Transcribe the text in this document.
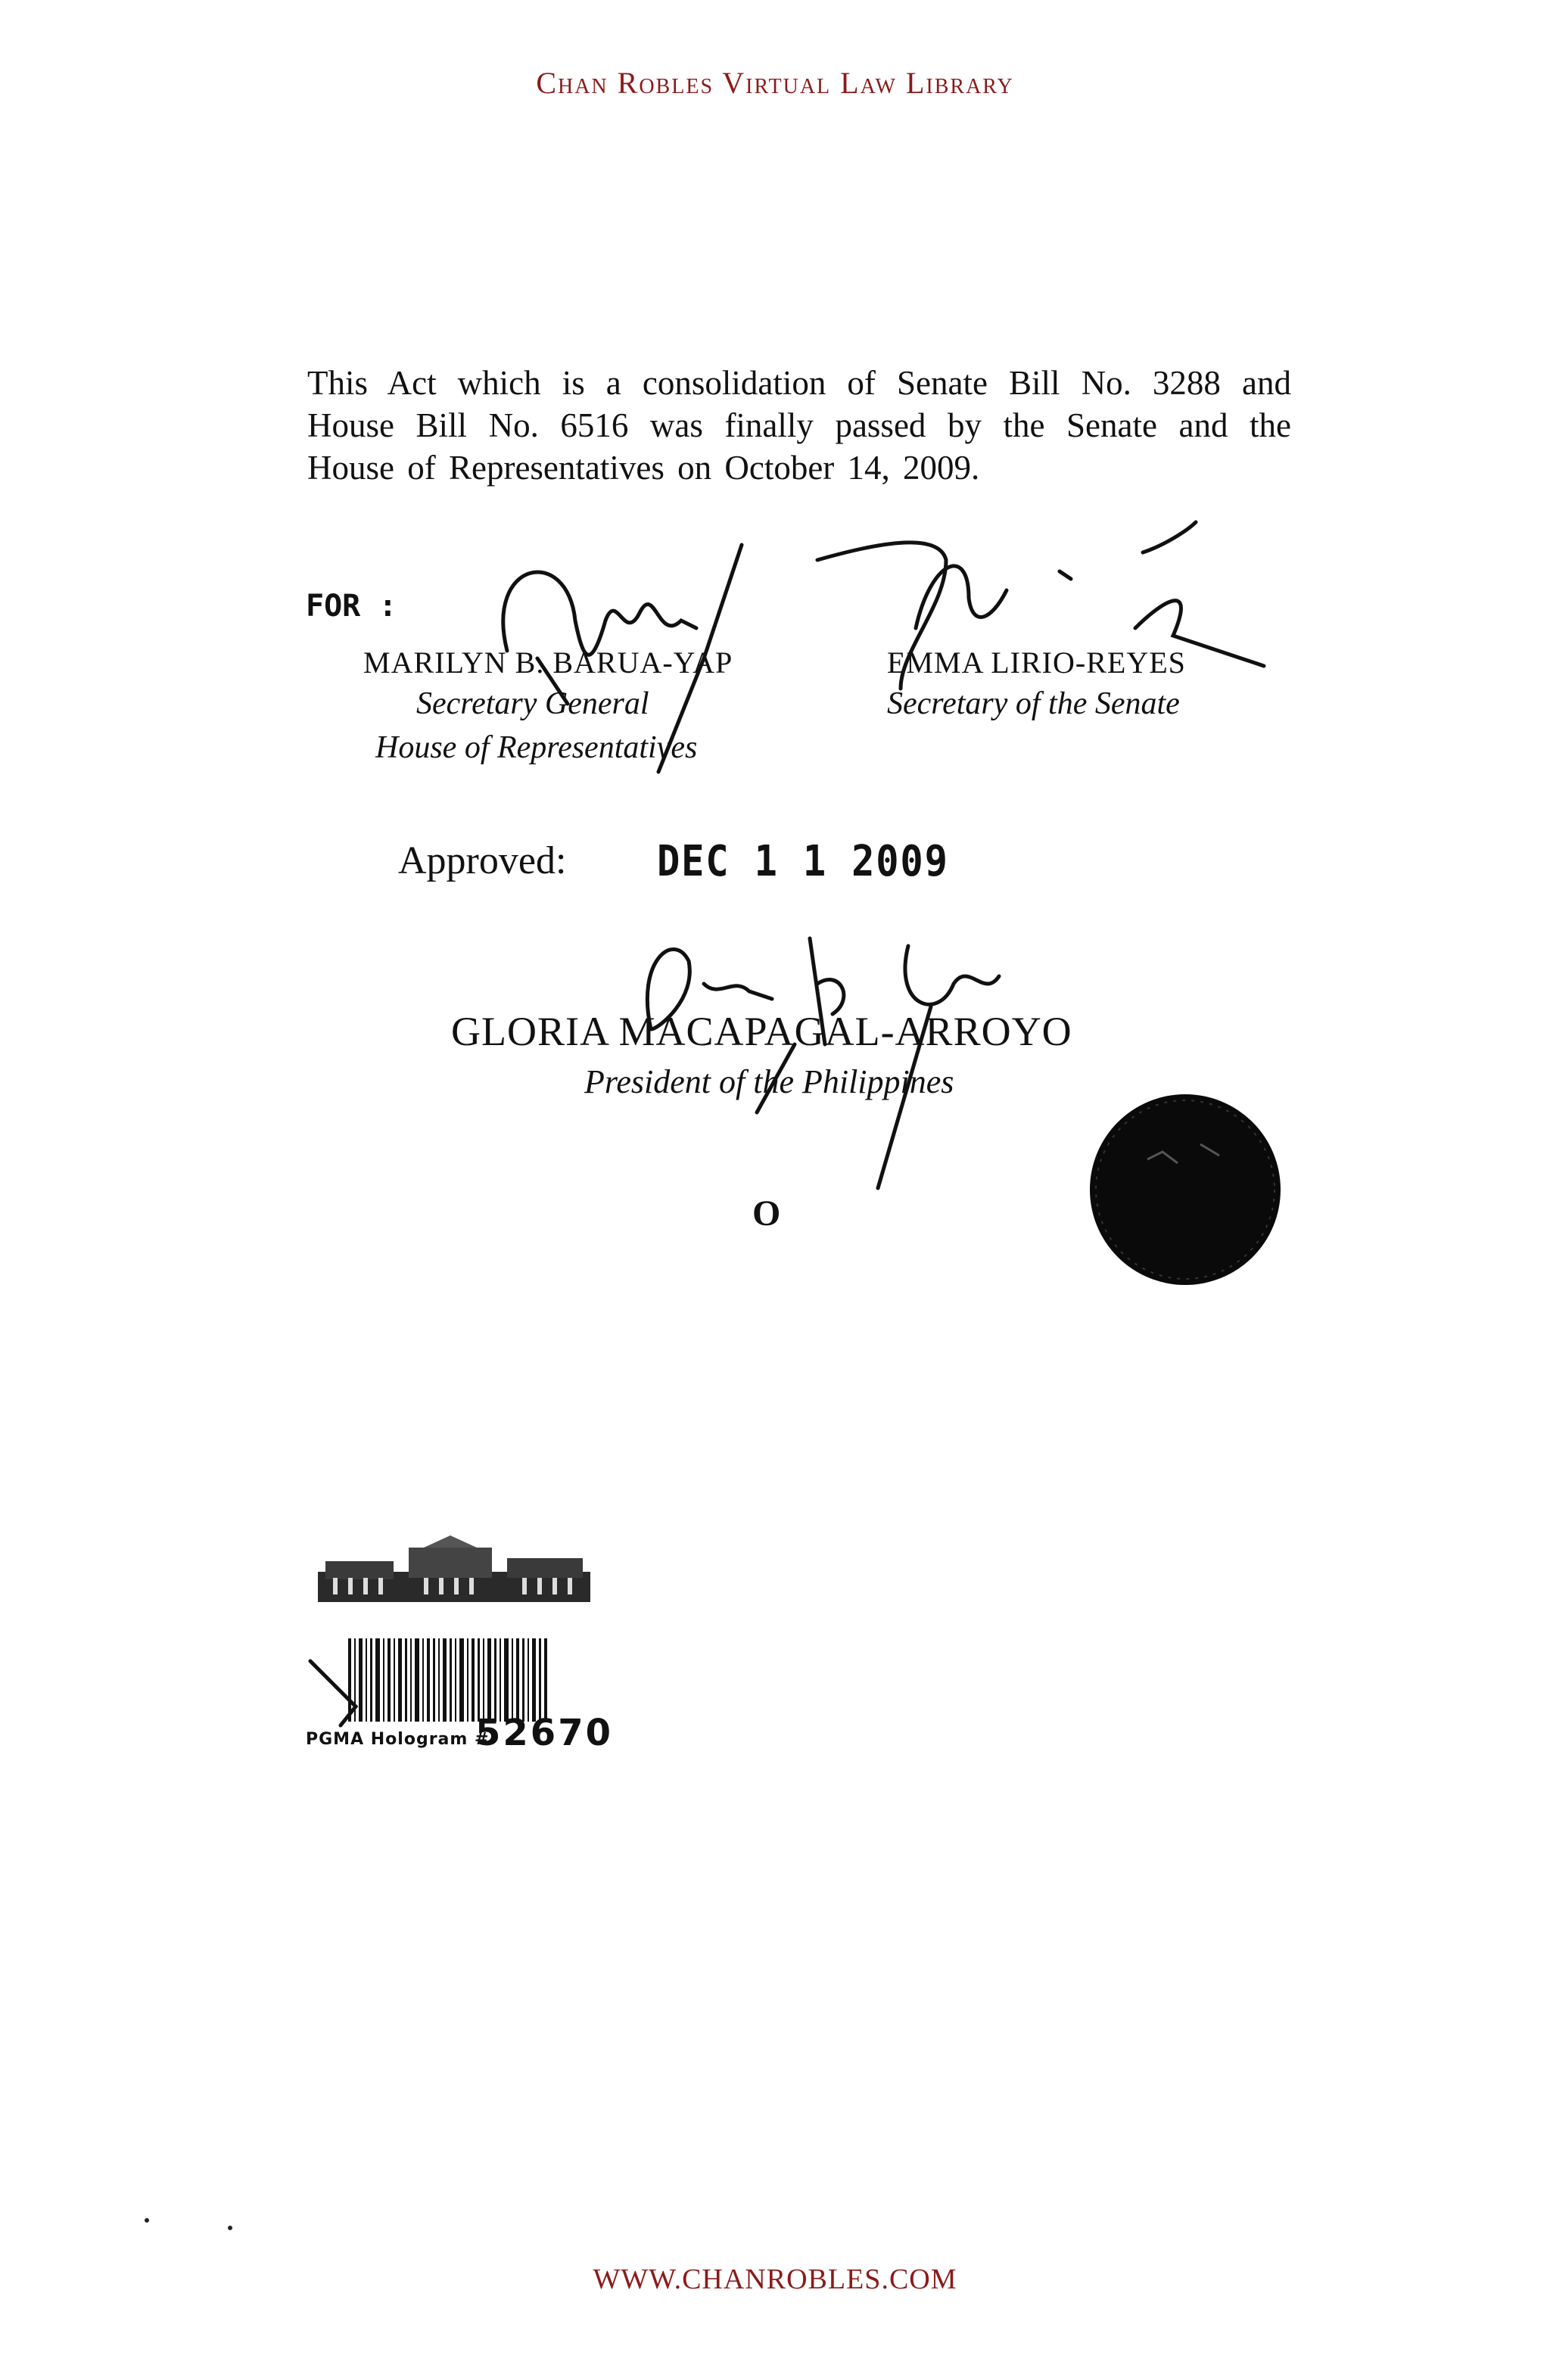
Chan Robles Virtual Law Library
This Act which is a consolidation of Senate Bill No. 3288 and House Bill No. 6516 was finally passed by the Senate and the House of Representatives on October 14, 2009.
FOR :
MARILYN B. BARUA-YAP
Secretary General
House of Representatives
EMMA LIRIO-REYES
Secretary of the Senate
Approved: DEC 1 1 2009
GLORIA MACAPAGAL-ARROYO
President of the Philippines
O
PGMA Hologram #
52670
WWW.CHANROBLES.COM
